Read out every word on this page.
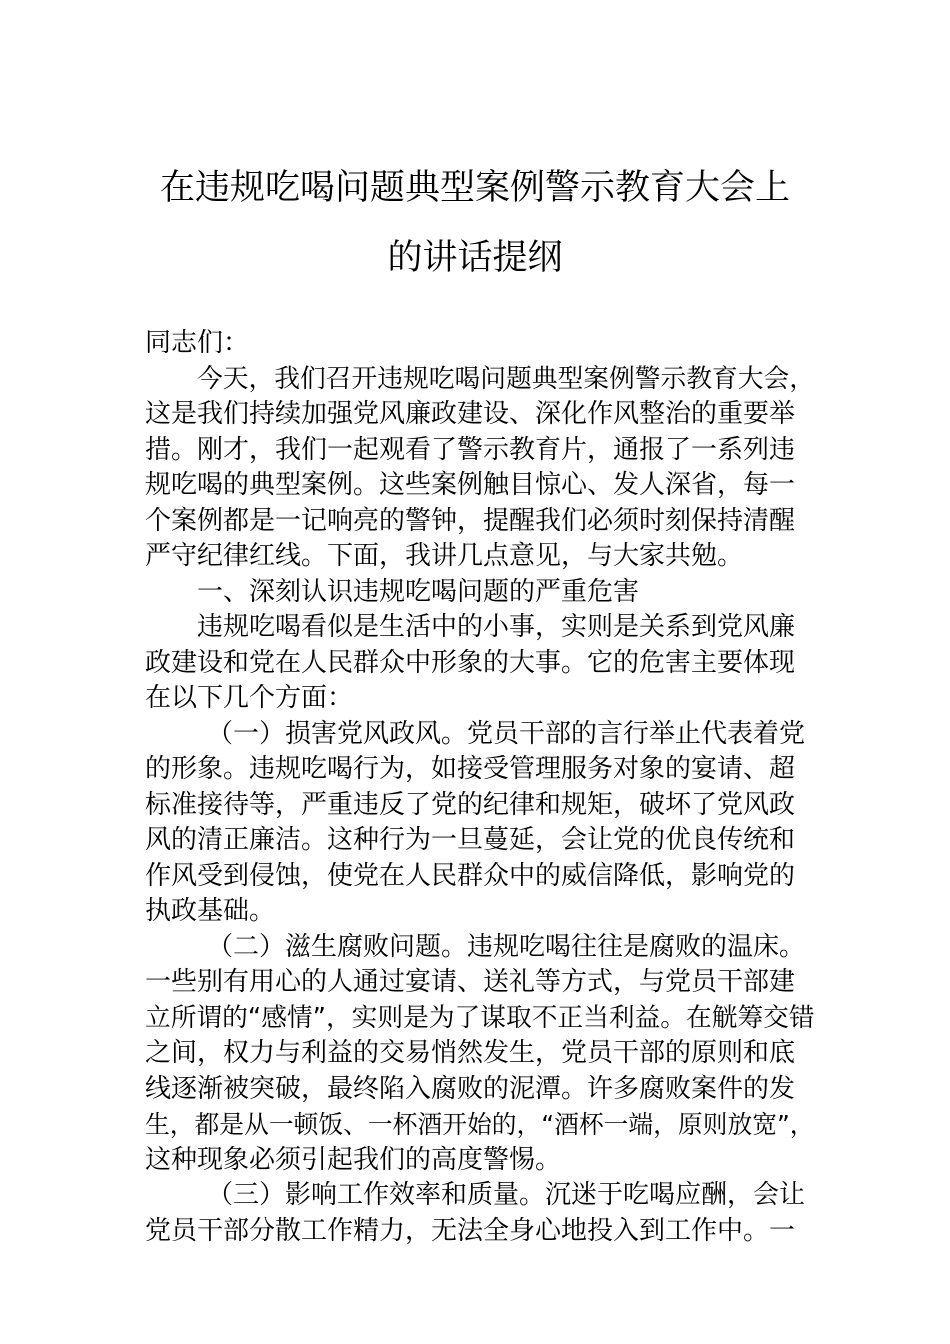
在违规吃喝问题典型案例警示教育大会上
的讲话提纲
同志们：
今天，我们召开违规吃喝问题典型案例警示教育大会，
这是我们持续加强党风廉政建设、深化作风整治的重要举
措。刚才，我们一起观看了警示教育片，通报了一系列违
规吃喝的典型案例。这些案例触目惊心、发人深省，每一
个案例都是一记响亮的警钟，提醒我们必须时刻保持清醒
严守纪律红线。下面，我讲几点意见，与大家共勉。
一、深刻认识违规吃喝问题的严重危害
违规吃喝看似是生活中的小事，实则是关系到党风廉
政建设和党在人民群众中形象的大事。它的危害主要体现
在以下几个方面：
（一）损害党风政风。党员干部的言行举止代表着党
的形象。违规吃喝行为，如接受管理服务对象的宴请、超
标准接待等，严重违反了党的纪律和规矩，破坏了党风政
风的清正廉洁。这种行为一旦蔓延，会让党的优良传统和
作风受到侵蚀，使党在人民群众中的威信降低，影响党的
执政基础。
（二）滋生腐败问题。违规吃喝往往是腐败的温床。
一些别有用心的人通过宴请、送礼等方式，与党员干部建
立所谓的“感情”，实则是为了谋取不正当利益。在觥筹交错
之间，权力与利益的交易悄然发生，党员干部的原则和底
线逐渐被突破，最终陷入腐败的泥潭。许多腐败案件的发
生，都是从一顿饭、一杯酒开始的，“酒杯一端，原则放宽”，
这种现象必须引起我们的高度警惕。
（三）影响工作效率和质量。沉迷于吃喝应酬，会让
党员干部分散工作精力，无法全身心地投入到工作中。一
